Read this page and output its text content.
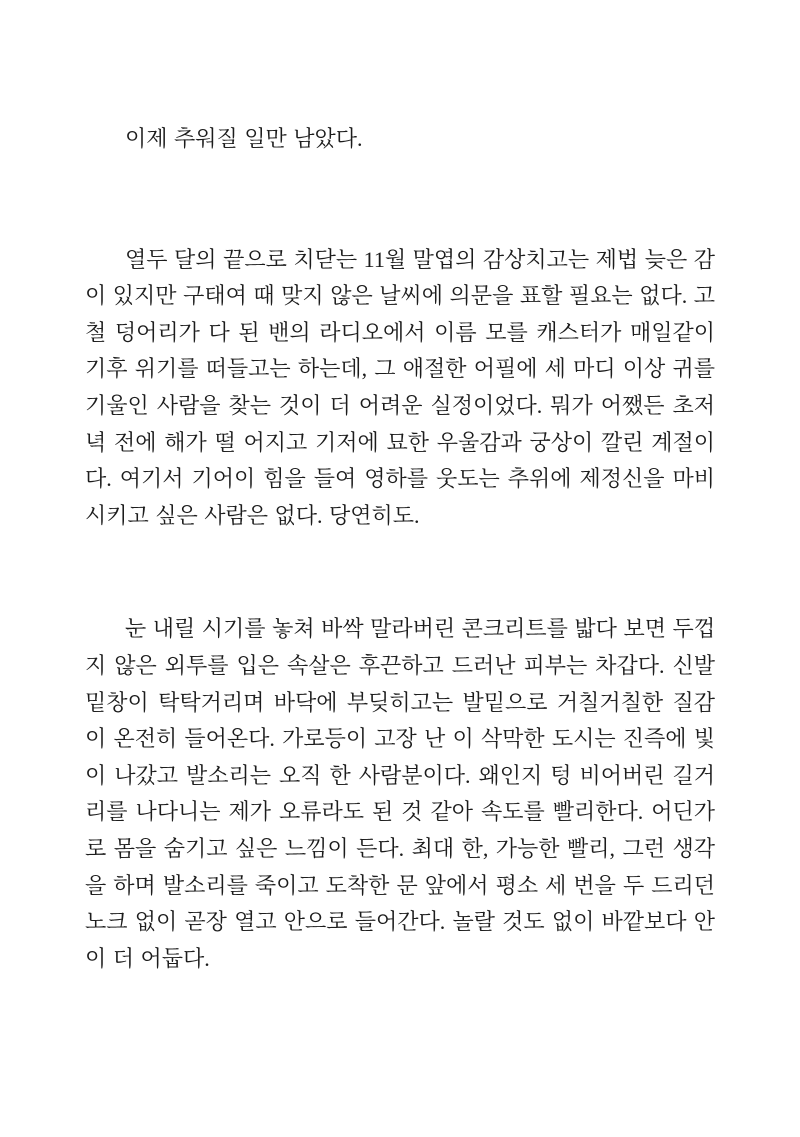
이제 추워질 일만 남았다.

열두 달의 끝으로 치닫는 11월 말엽의 감상치고는 제법 늦은 감이 있지만 구태여 때 맞지 않은 날씨에 의문을 표할 필요는 없다. 고철 덩어리가 다 된 밴의 라디오에서 이름 모를 캐스터가 매일같이 기후 위기를 떠들고는 하는데, 그 애절한 어필에 세 마디 이상 귀를 기울인 사람을 찾는 것이 더 어려운 실정이었다. 뭐가 어쨌든 초저녁 전에 해가 떨 어지고 기저에 묘한 우울감과 궁상이 깔린 계절이다. 여기서 기어이 힘을 들여 영하를 웃도는 추위에 제정신을 마비시키고 싶은 사람은 없다. 당연히도.

눈 내릴 시기를 놓쳐 바싹 말라버린 콘크리트를 밟다 보면 두껍지 않은 외투를 입은 속살은 후끈하고 드러난 피부는 차갑다. 신발 밑창이 탁탁거리며 바닥에 부딪히고는 발밑으로 거칠거칠한 질감이 온전히 들어온다. 가로등이 고장 난 이 삭막한 도시는 진즉에 빛이 나갔고 발소리는 오직 한 사람분이다. 왜인지 텅 비어버린 길거리를 나다니는 제가 오류라도 된 것 같아 속도를 빨리한다. 어딘가로 몸을 숨기고 싶은 느낌이 든다. 최대 한, 가능한 빨리, 그런 생각을 하며 발소리를 죽이고 도착한 문 앞에서 평소 세 번을 두 드리던 노크 없이 곧장 열고 안으로 들어간다. 놀랄 것도 없이 바깥보다 안이 더 어둡다.
